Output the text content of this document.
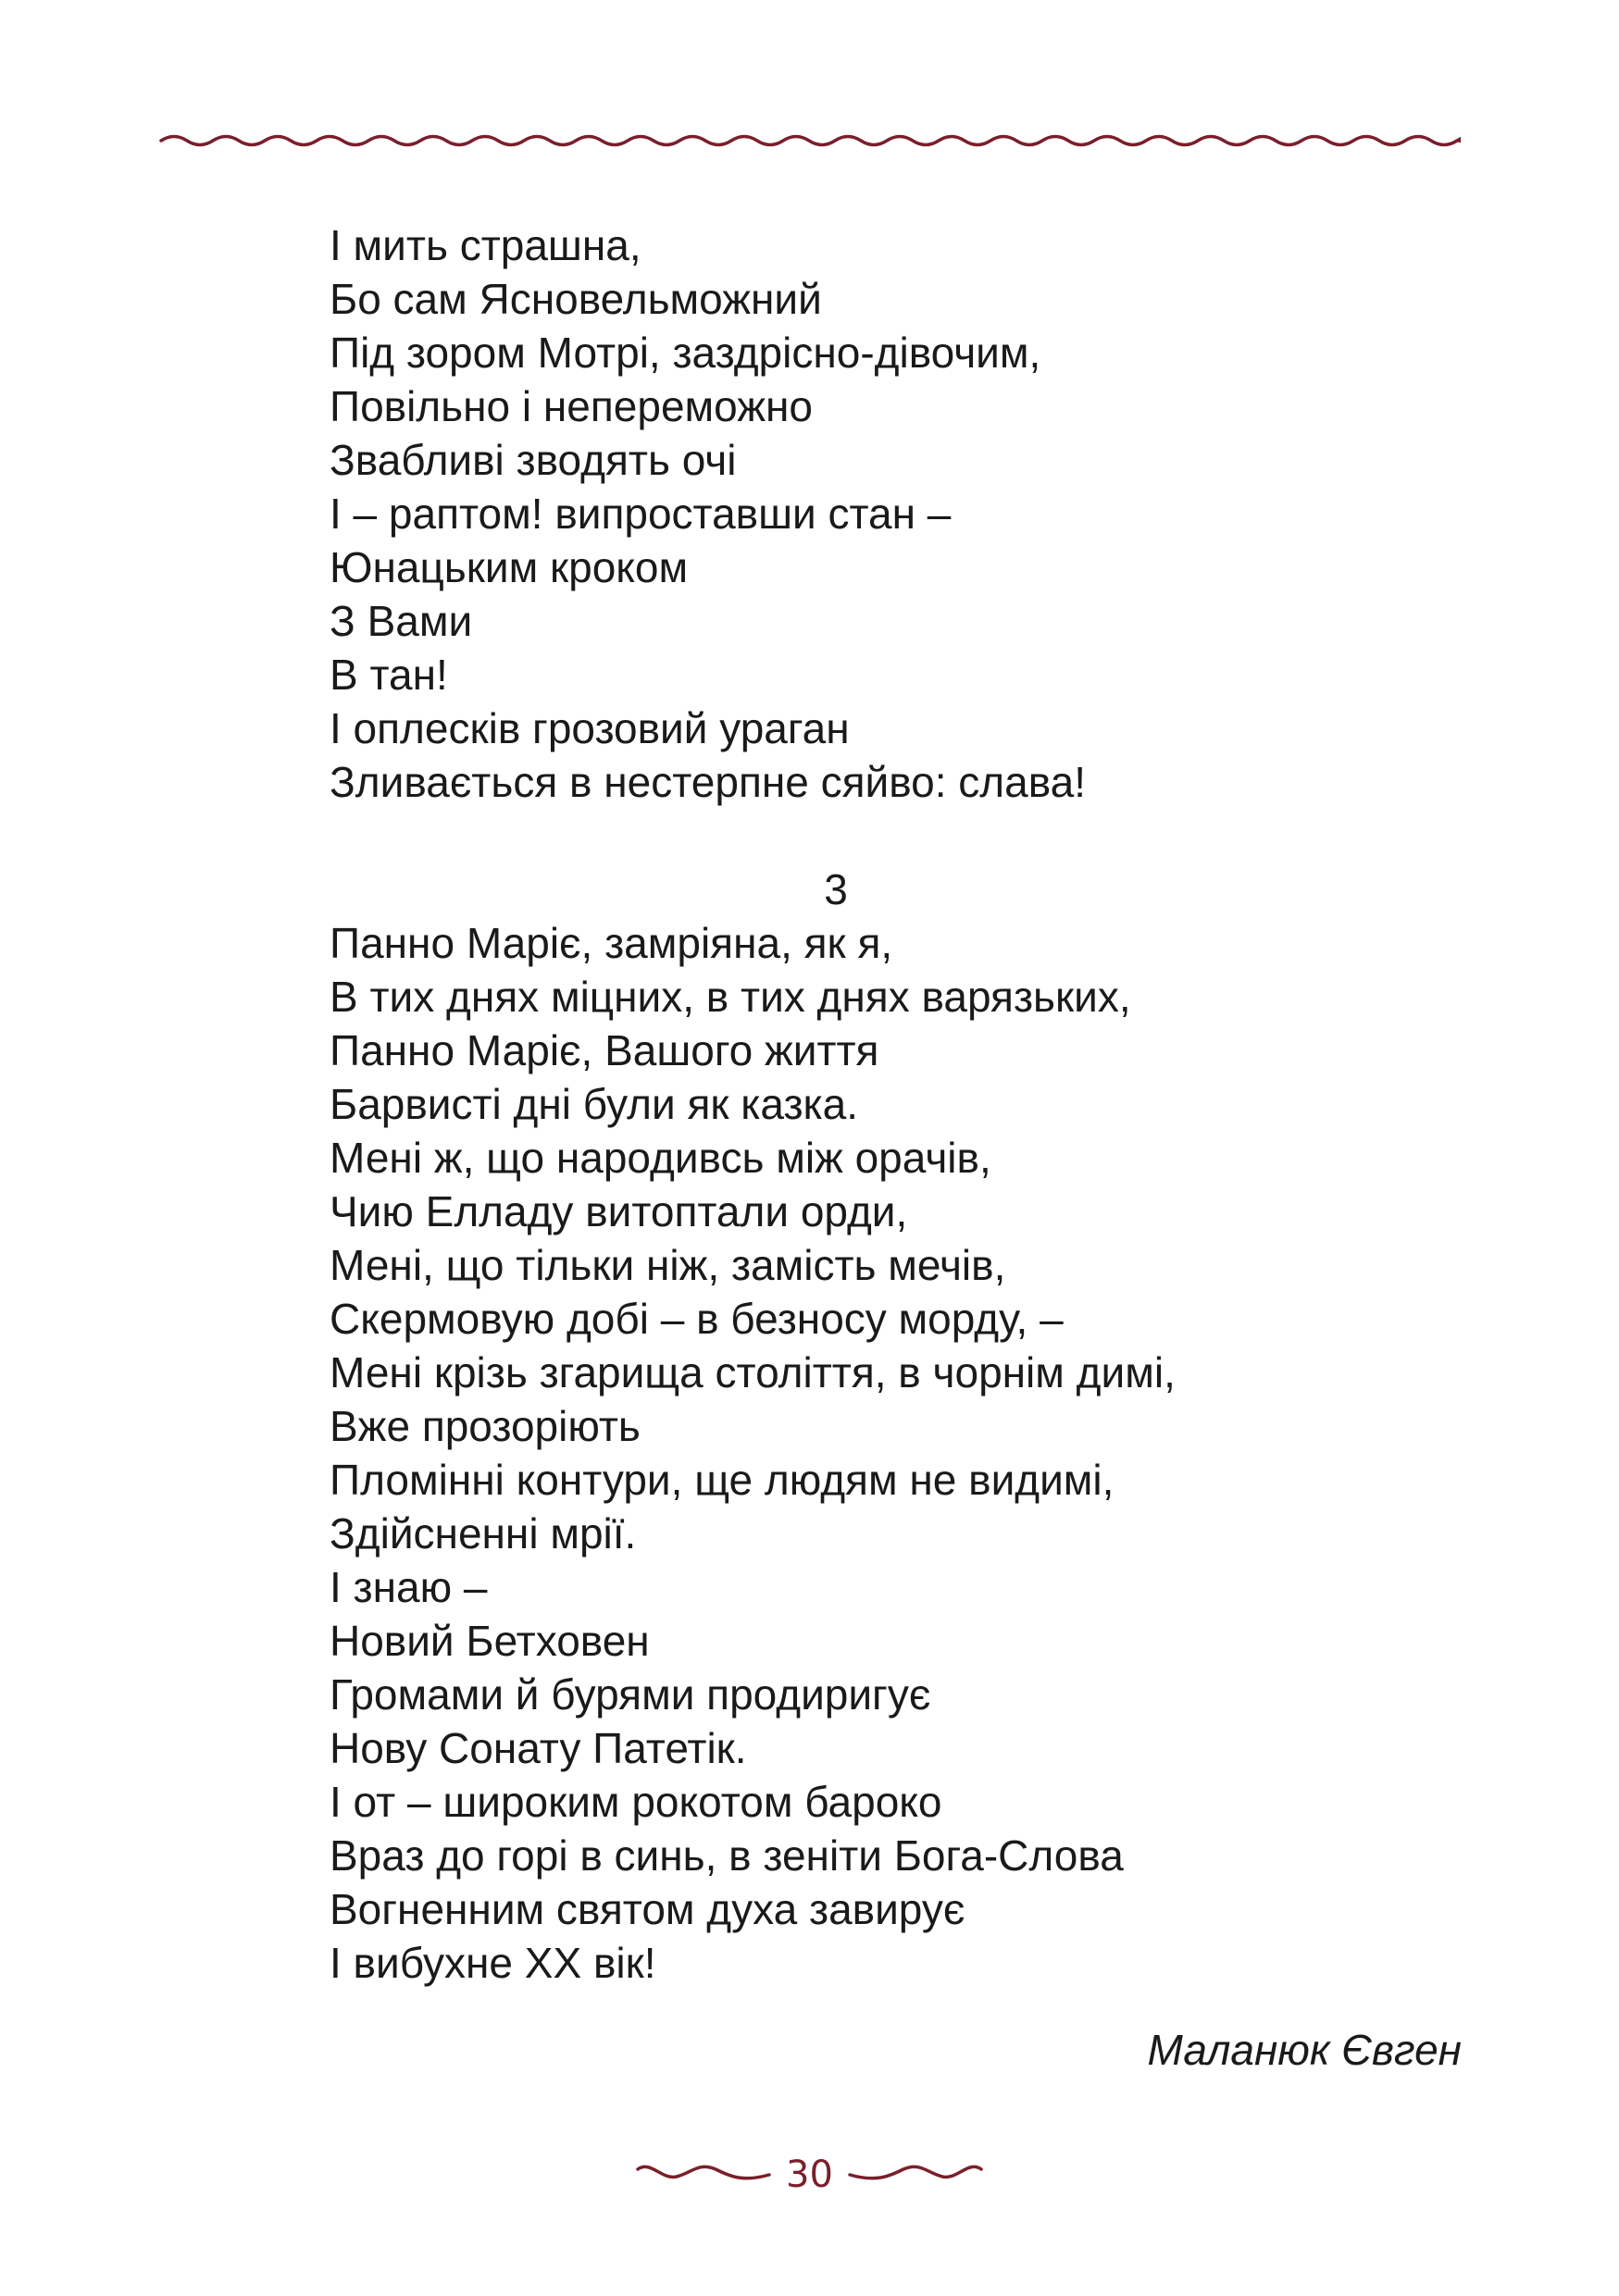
І мить страшна,
Бо сам Ясновельможний
Під зором Мотрі, заздрісно-дівочим,
Повільно і непереможно
Звабливі зводять очі
І – раптом! випроставши стан –
Юнацьким кроком
З Вами
В тан!
І оплесків грозовий ураган
Зливається в нестерпне сяйво: слава!
3
Панно Маріє, замріяна, як я,
В тих днях міцних, в тих днях варязьких,
Панно Маріє, Вашого життя
Барвисті дні були як казка.
Мені ж, що народивсь між орачів,
Чию Елладу витоптали орди,
Мені, що тільки ніж, замість мечів,
Скермовую добі – в безносу морду, –
Мені крізь згарища століття, в чорнім димі,
Вже прозоріють
Пломінні контури, ще людям не видимі,
Здійсненні мрії.
І знаю –
Новий Бетховен
Громами й бурями продиригує
Нову Сонату Патетік.
І от – широким рокотом бароко
Враз до горі в синь, в зеніти Бога-Слова
Вогненним святом духа завирує
І вибухне ХХ вік!
Маланюк Євген
30
